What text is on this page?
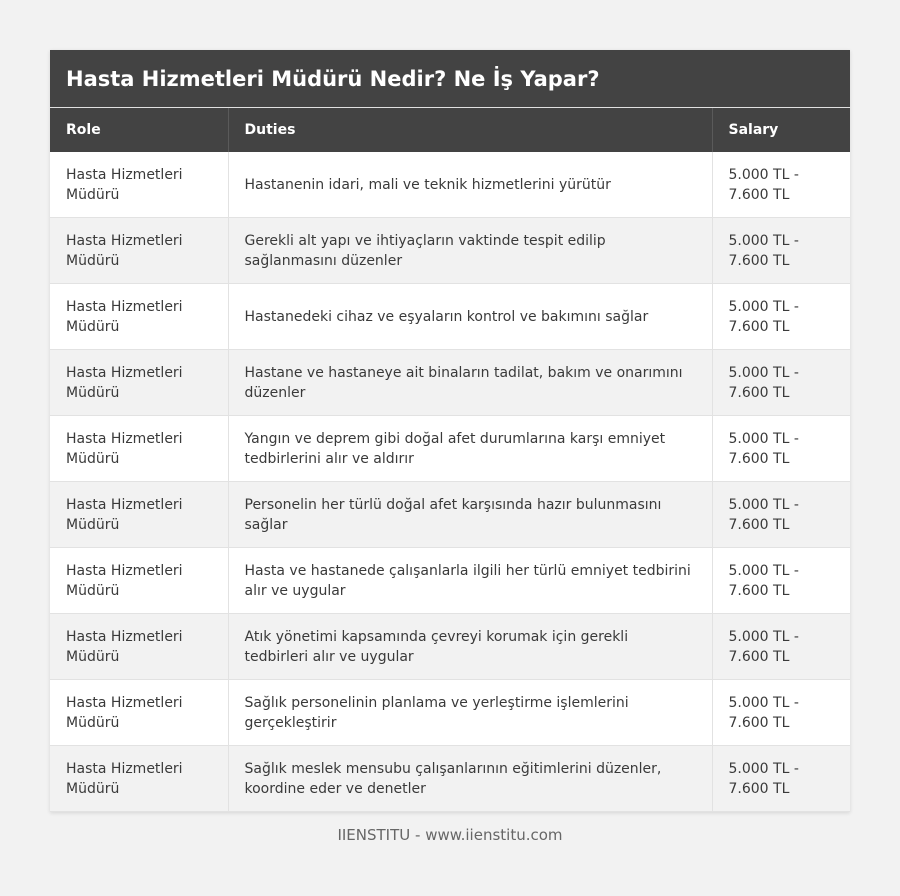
Hasta Hizmetleri Müdürü Nedir? Ne İş Yapar?
Role	Duties	Salary
Hasta Hizmetleri Müdürü	Hastanenin idari, mali ve teknik hizmetlerini yürütür	5.000 TL - 7.600 TL
Hasta Hizmetleri Müdürü	Gerekli alt yapı ve ihtiyaçların vaktinde tespit edilip sağlanmasını düzenler	5.000 TL - 7.600 TL
Hasta Hizmetleri Müdürü	Hastanedeki cihaz ve eşyaların kontrol ve bakımını sağlar	5.000 TL - 7.600 TL
Hasta Hizmetleri Müdürü	Hastane ve hastaneye ait binaların tadilat, bakım ve onarımını düzenler	5.000 TL - 7.600 TL
Hasta Hizmetleri Müdürü	Yangın ve deprem gibi doğal afet durumlarına karşı emniyet tedbirlerini alır ve aldırır	5.000 TL - 7.600 TL
Hasta Hizmetleri Müdürü	Personelin her türlü doğal afet karşısında hazır bulunmasını sağlar	5.000 TL - 7.600 TL
Hasta Hizmetleri Müdürü	Hasta ve hastanede çalışanlarla ilgili her türlü emniyet tedbirini alır ve uygular	5.000 TL - 7.600 TL
Hasta Hizmetleri Müdürü	Atık yönetimi kapsamında çevreyi korumak için gerekli tedbirleri alır ve uygular	5.000 TL - 7.600 TL
Hasta Hizmetleri Müdürü	Sağlık personelinin planlama ve yerleştirme işlemlerini gerçekleştirir	5.000 TL - 7.600 TL
Hasta Hizmetleri Müdürü	Sağlık meslek mensubu çalışanlarının eğitimlerini düzenler, koordine eder ve denetler	5.000 TL - 7.600 TL
IIENSTITU - www.iienstitu.com
